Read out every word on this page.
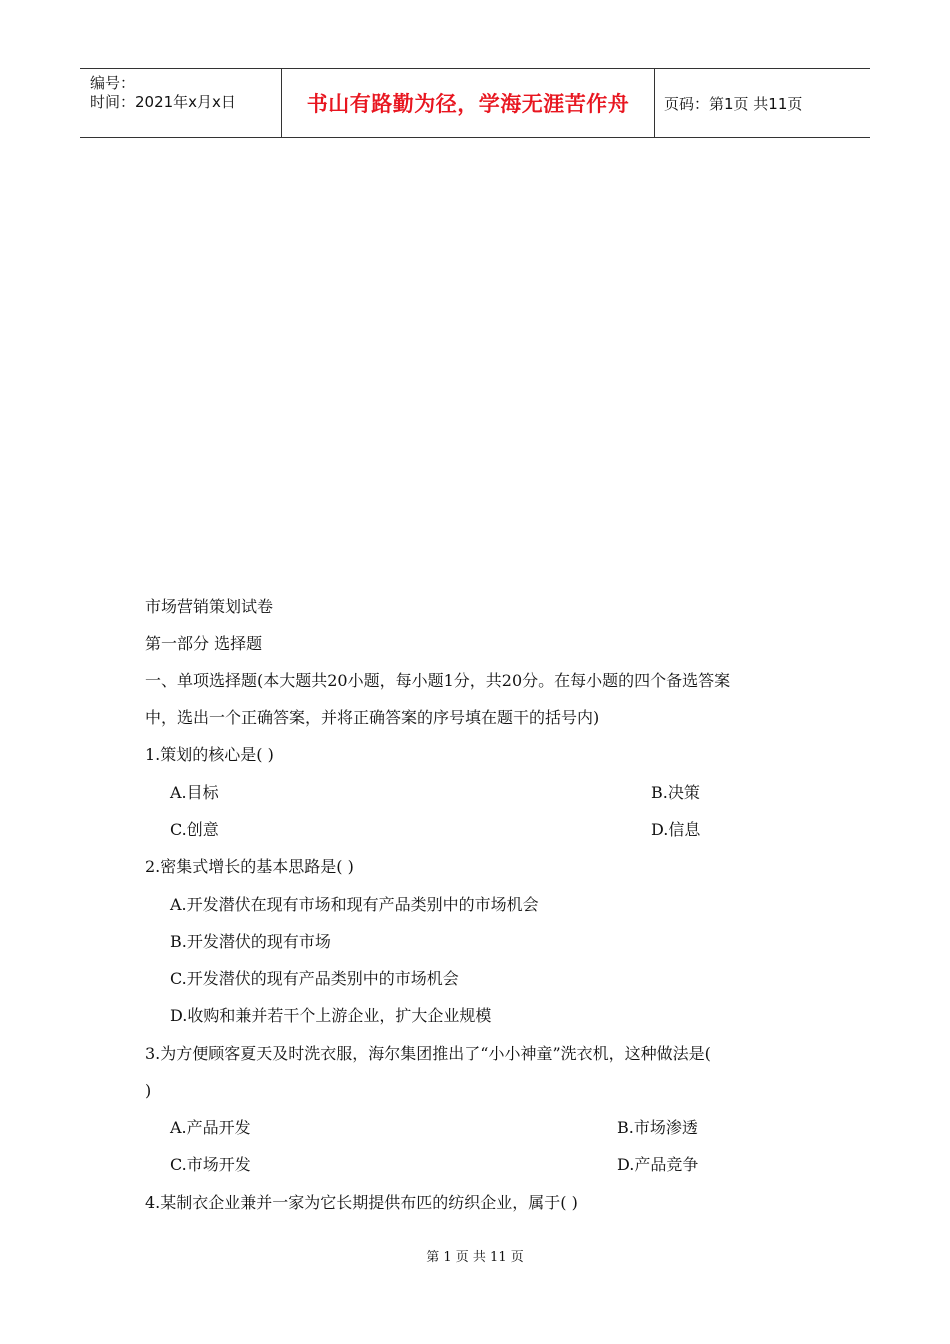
编号：
时间：2021年x月x日	书山有路勤为径，学海无涯苦作舟	页码：第1页 共11页
市场营销策划试卷
第一部分 选择题
一、单项选择题(本大题共20小题，每小题1分，共20分。在每小题的四个备选答案
中，选出一个正确答案，并将正确答案的序号填在题干的括号内)
1.策划的核心是( )
A.目标	B.决策
C.创意	D.信息
2.密集式增长的基本思路是( )
A.开发潜伏在现有市场和现有产品类别中的市场机会
B.开发潜伏的现有市场
C.开发潜伏的现有产品类别中的市场机会
D.收购和兼并若干个上游企业，扩大企业规模
3.为方便顾客夏天及时洗衣服，海尔集团推出了“小小神童”洗衣机，这种做法是(
)
A.产品开发	B.市场渗透
C.市场开发	D.产品竞争
4.某制衣企业兼并一家为它长期提供布匹的纺织企业，属于( )
第 1 页 共 11 页
